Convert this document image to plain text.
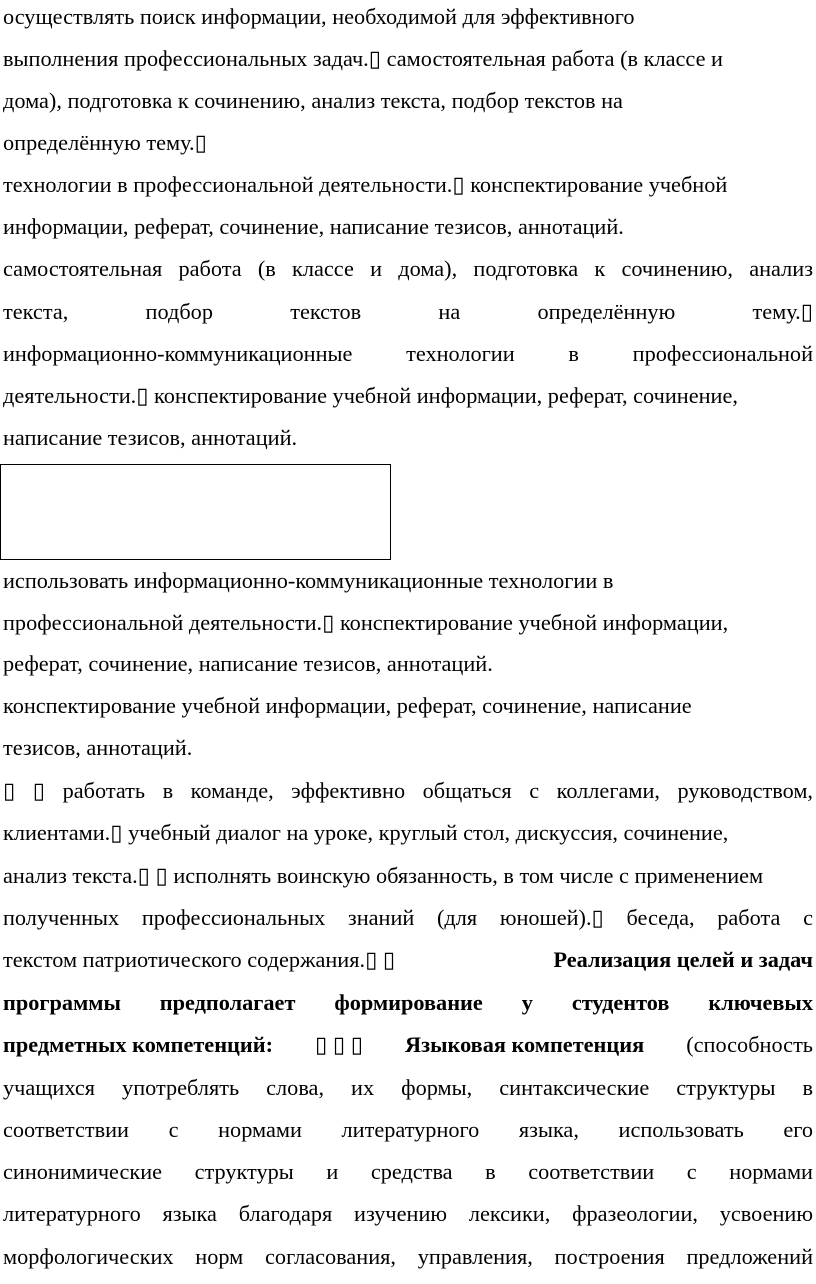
осуществлять поиск информации, необходимой для эффективного
выполнения профессиональных задач.▯ самостоятельная работа (в классе и
дома), подготовка к сочинению, анализ текста, подбор текстов на
определённую тему.▯
технологии в профессиональной деятельности.▯ конспектирование учебной
информации, реферат, сочинение, написание тезисов, аннотаций.
самостоятельная работа (в классе и дома), подготовка к сочинению, анализ
текста, подбор текстов на определённую тему.▯
информационно-коммуникационные технологии в профессиональной
деятельности.▯ конспектирование учебной информации, реферат, сочинение,
написание тезисов, аннотаций.
использовать информационно-коммуникационные технологии в
профессиональной деятельности.▯ конспектирование учебной информации,
реферат, сочинение, написание тезисов, аннотаций.
конспектирование учебной информации, реферат, сочинение, написание
тезисов, аннотаций.
▯ ▯ работать в команде, эффективно общаться с коллегами, руководством,
клиентами.▯ учебный диалог на уроке, круглый стол, дискуссия, сочинение,
анализ текста.▯ ▯ исполнять воинскую обязанность, в том числе с применением
полученных профессиональных знаний (для юношей).▯ беседа, работа с
текстом патриотического содержания.▯ ▯	Реализация целей и задач
программы предполагает формирование у студентов ключевых
предметных компетенций: ▯ ▯ ▯ Языковая компетенция (способность
учащихся употреблять слова, их формы, синтаксические структуры в
соответствии с нормами литературного языка, использовать его
синонимические структуры и средства в соответствии с нормами
литературного языка благодаря изучению лексики, фразеологии, усвоению
морфологических норм согласования, управления, построения предложений
